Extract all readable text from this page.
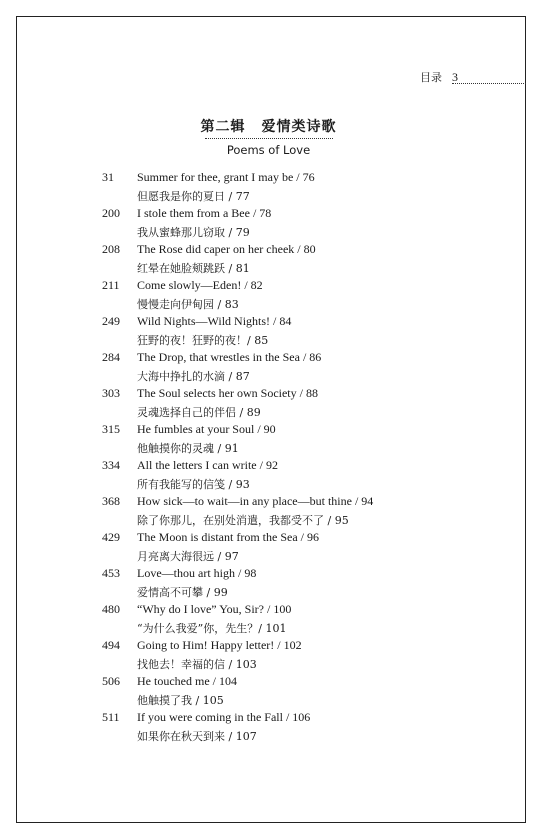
目录 3
第二辑 爱情类诗歌
Poems of Love
31 Summer for thee, grant I may be / 76
但愿我是你的夏日 / 77
200 I stole them from a Bee / 78
我从蜜蜂那儿窃取 / 79
208 The Rose did caper on her cheek / 80
红晕在她脸颊跳跃 / 81
211 Come slowly—Eden! / 82
慢慢走向伊甸园 / 83
249 Wild Nights—Wild Nights! / 84
狂野的夜！狂野的夜！/ 85
284 The Drop, that wrestles in the Sea / 86
大海中挣扎的水滴 / 87
303 The Soul selects her own Society / 88
灵魂选择自己的伴侣 / 89
315 He fumbles at your Soul / 90
他触摸你的灵魂 / 91
334 All the letters I can write / 92
所有我能写的信笺 / 93
368 How sick—to wait—in any place—but thine / 94
除了你那儿，在别处消遣，我都受不了 / 95
429 The Moon is distant from the Sea / 96
月亮离大海很远 / 97
453 Love—thou art high / 98
爱情高不可攀 / 99
480 “Why do I love” You, Sir? / 100
“为什么我爱”你，先生？/ 101
494 Going to Him! Happy letter! / 102
找他去！幸福的信 / 103
506 He touched me / 104
他触摸了我 / 105
511 If you were coming in the Fall / 106
如果你在秋天到来 / 107
